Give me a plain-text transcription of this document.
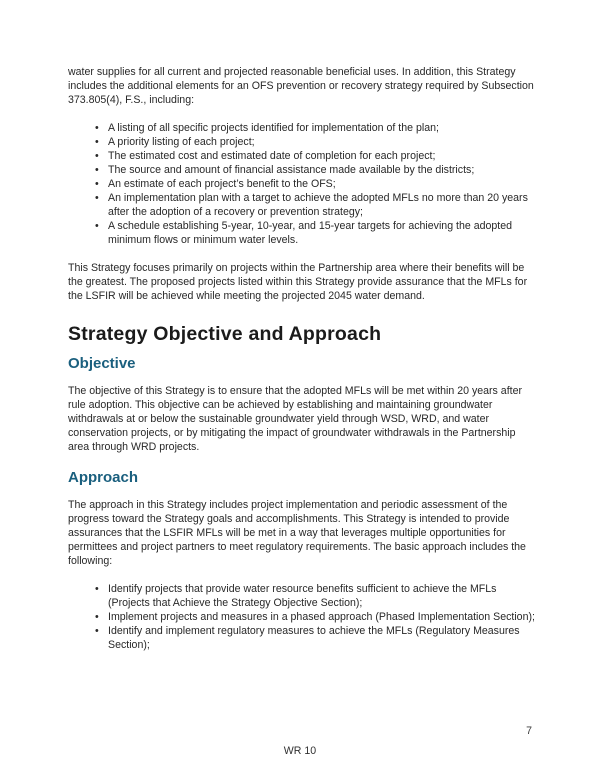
water supplies for all current and projected reasonable beneficial uses. In addition, this Strategy includes the additional elements for an OFS prevention or recovery strategy required by Subsection 373.805(4), F.S., including:

• A listing of all specific projects identified for implementation of the plan;
• A priority listing of each project;
• The estimated cost and estimated date of completion for each project;
• The source and amount of financial assistance made available by the districts;
• An estimate of each project’s benefit to the OFS;
• An implementation plan with a target to achieve the adopted MFLs no more than 20 years after the adoption of a recovery or prevention strategy;
• A schedule establishing 5-year, 10-year, and 15-year targets for achieving the adopted minimum flows or minimum water levels.

This Strategy focuses primarily on projects within the Partnership area where their benefits will be the greatest. The proposed projects listed within this Strategy provide assurance that the MFLs for the LSFIR will be achieved while meeting the projected 2045 water demand.

Strategy Objective and Approach
Objective

The objective of this Strategy is to ensure that the adopted MFLs will be met within 20 years after rule adoption. This objective can be achieved by establishing and maintaining groundwater withdrawals at or below the sustainable groundwater yield through WSD, WRD, and water conservation projects, or by mitigating the impact of groundwater withdrawals in the Partnership area through WRD projects.

Approach

The approach in this Strategy includes project implementation and periodic assessment of the progress toward the Strategy goals and accomplishments. This Strategy is intended to provide assurances that the LSFIR MFLs will be met in a way that leverages multiple opportunities for permittees and project partners to meet regulatory requirements. The basic approach includes the following:

• Identify projects that provide water resource benefits sufficient to achieve the MFLs (Projects that Achieve the Strategy Objective Section);
• Implement projects and measures in a phased approach (Phased Implementation Section);
• Identify and implement regulatory measures to achieve the MFLs (Regulatory Measures Section);
7
WR 10
